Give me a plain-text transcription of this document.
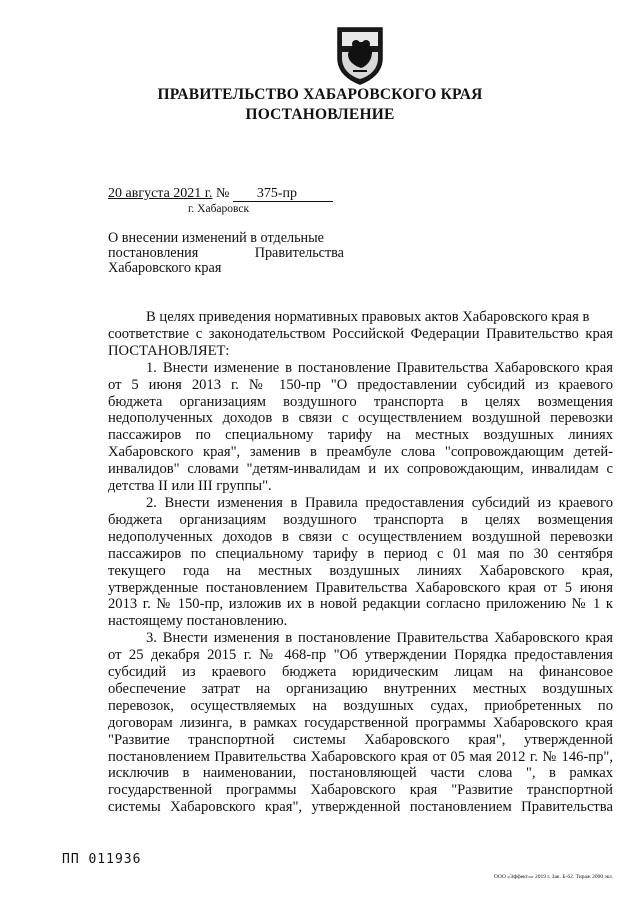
ПРАВИТЕЛЬСТВО ХАБАРОВСКОГО КРАЯ
ПОСТАНОВЛЕНИЕ
20 августа 2021 г. № 375-пр
г. Хабаровск
О внесении изменений в отдельные
постановления	Правительства
Хабаровского края
В целях приведения нормативных правовых актов Хабаровского края в
соответствие с законодательством Российской Федерации Правительство края
ПОСТАНОВЛЯЕТ:
1. Внести изменение в постановление Правительства Хабаровского края
от 5 июня 2013 г. № 150-пр "О предоставлении субсидий из краевого
бюджета организациям воздушного транспорта в целях возмещения
недополученных доходов в связи с осуществлением воздушной перевозки
пассажиров по специальному тарифу на местных воздушных линиях
Хабаровского края", заменив в преамбуле слова "сопровождающим детей-
инвалидов" словами "детям-инвалидам и их сопровождающим, инвалидам с
детства II или III группы".
2. Внести изменения в Правила предоставления субсидий из краевого
бюджета организациям воздушного транспорта в целях возмещения
недополученных доходов в связи с осуществлением воздушной перевозки
пассажиров по специальному тарифу в период с 01 мая по 30 сентября
текущего года на местных воздушных линиях Хабаровского края,
утвержденные постановлением Правительства Хабаровского края от 5 июня
2013 г. № 150-пр, изложив их в новой редакции согласно приложению № 1 к
настоящему постановлению.
3. Внести изменения в постановление Правительства Хабаровского края
от 25 декабря 2015 г. № 468-пр "Об утверждении Порядка предоставления
субсидий из краевого бюджета юридическим лицам на финансовое
обеспечение затрат на организацию внутренних местных воздушных
перевозок, осуществляемых на воздушных судах, приобретенных по
договорам лизинга, в рамках государственной программы Хабаровского края
"Развитие транспортной системы Хабаровского края", утвержденной
постановлением Правительства Хабаровского края от 05 мая 2012 г. № 146-пр",
исключив в наименовании, постановляющей части слова ", в рамках
государственной программы Хабаровского края "Развитие транспортной
системы Хабаровского края", утвержденной постановлением Правительства
ПП 011936
ООО «Эффект»» 2019 г. Зак. Б-62. Тираж 2000 экз.
